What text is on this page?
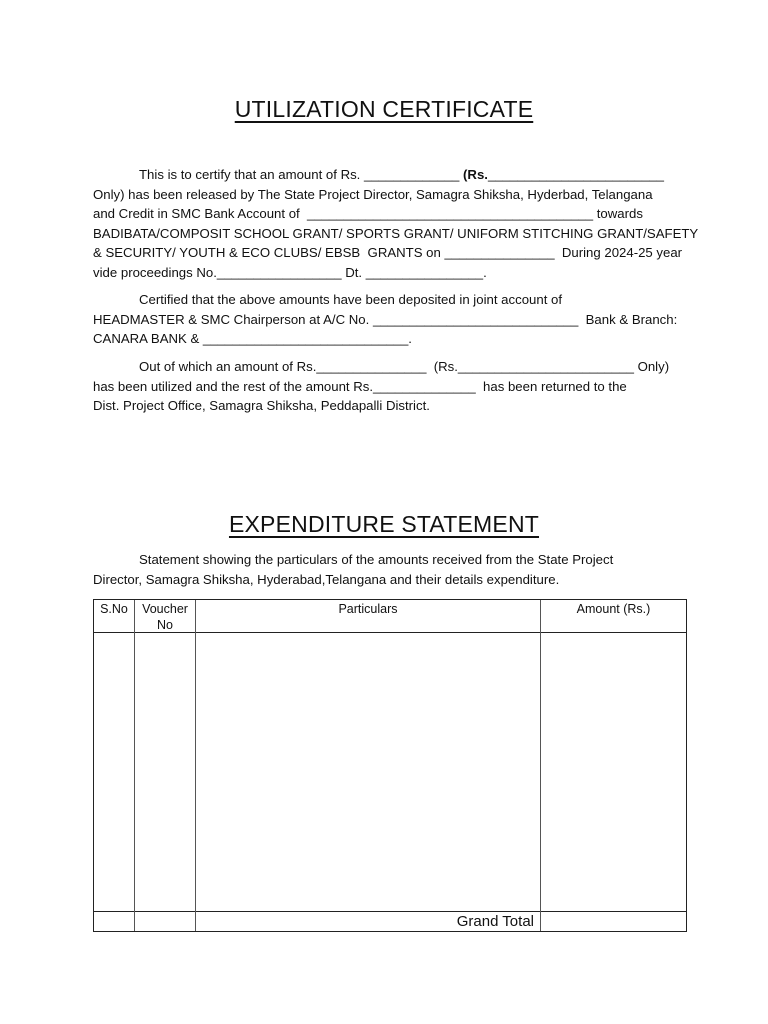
UTILIZATION CERTIFICATE
This is to certify that an amount of Rs. _____________ (Rs.________________________
Only) has been released by The State Project Director, Samagra Shiksha, Hyderbad, Telangana
and Credit in SMC Bank Account of  _______________________________________ towards
BADIBATA/COMPOSIT SCHOOL GRANT/ SPORTS GRANT/ UNIFORM STITCHING GRANT/SAFETY
& SECURITY/ YOUTH & ECO CLUBS/ EBSB  GRANTS on _______________  During 2024-25 year
vide proceedings No._________________ Dt. ________________.
Certified that the above amounts have been deposited in joint account of
HEADMASTER & SMC Chairperson at A/C No. ____________________________  Bank & Branch:
CANARA BANK & ____________________________.
Out of which an amount of Rs._______________  (Rs.________________________ Only)
has been utilized and the rest of the amount Rs.______________  has been returned to the
Dist. Project Office, Samagra Shiksha, Peddapalli District.
EXPENDITURE STATEMENT
Statement showing the particulars of the amounts received from the State Project
Director, Samagra Shiksha, Hyderabad,Telangana and their details expenditure.
S.No	Voucher
No
Particulars	Amount (Rs.)
Grand Total
